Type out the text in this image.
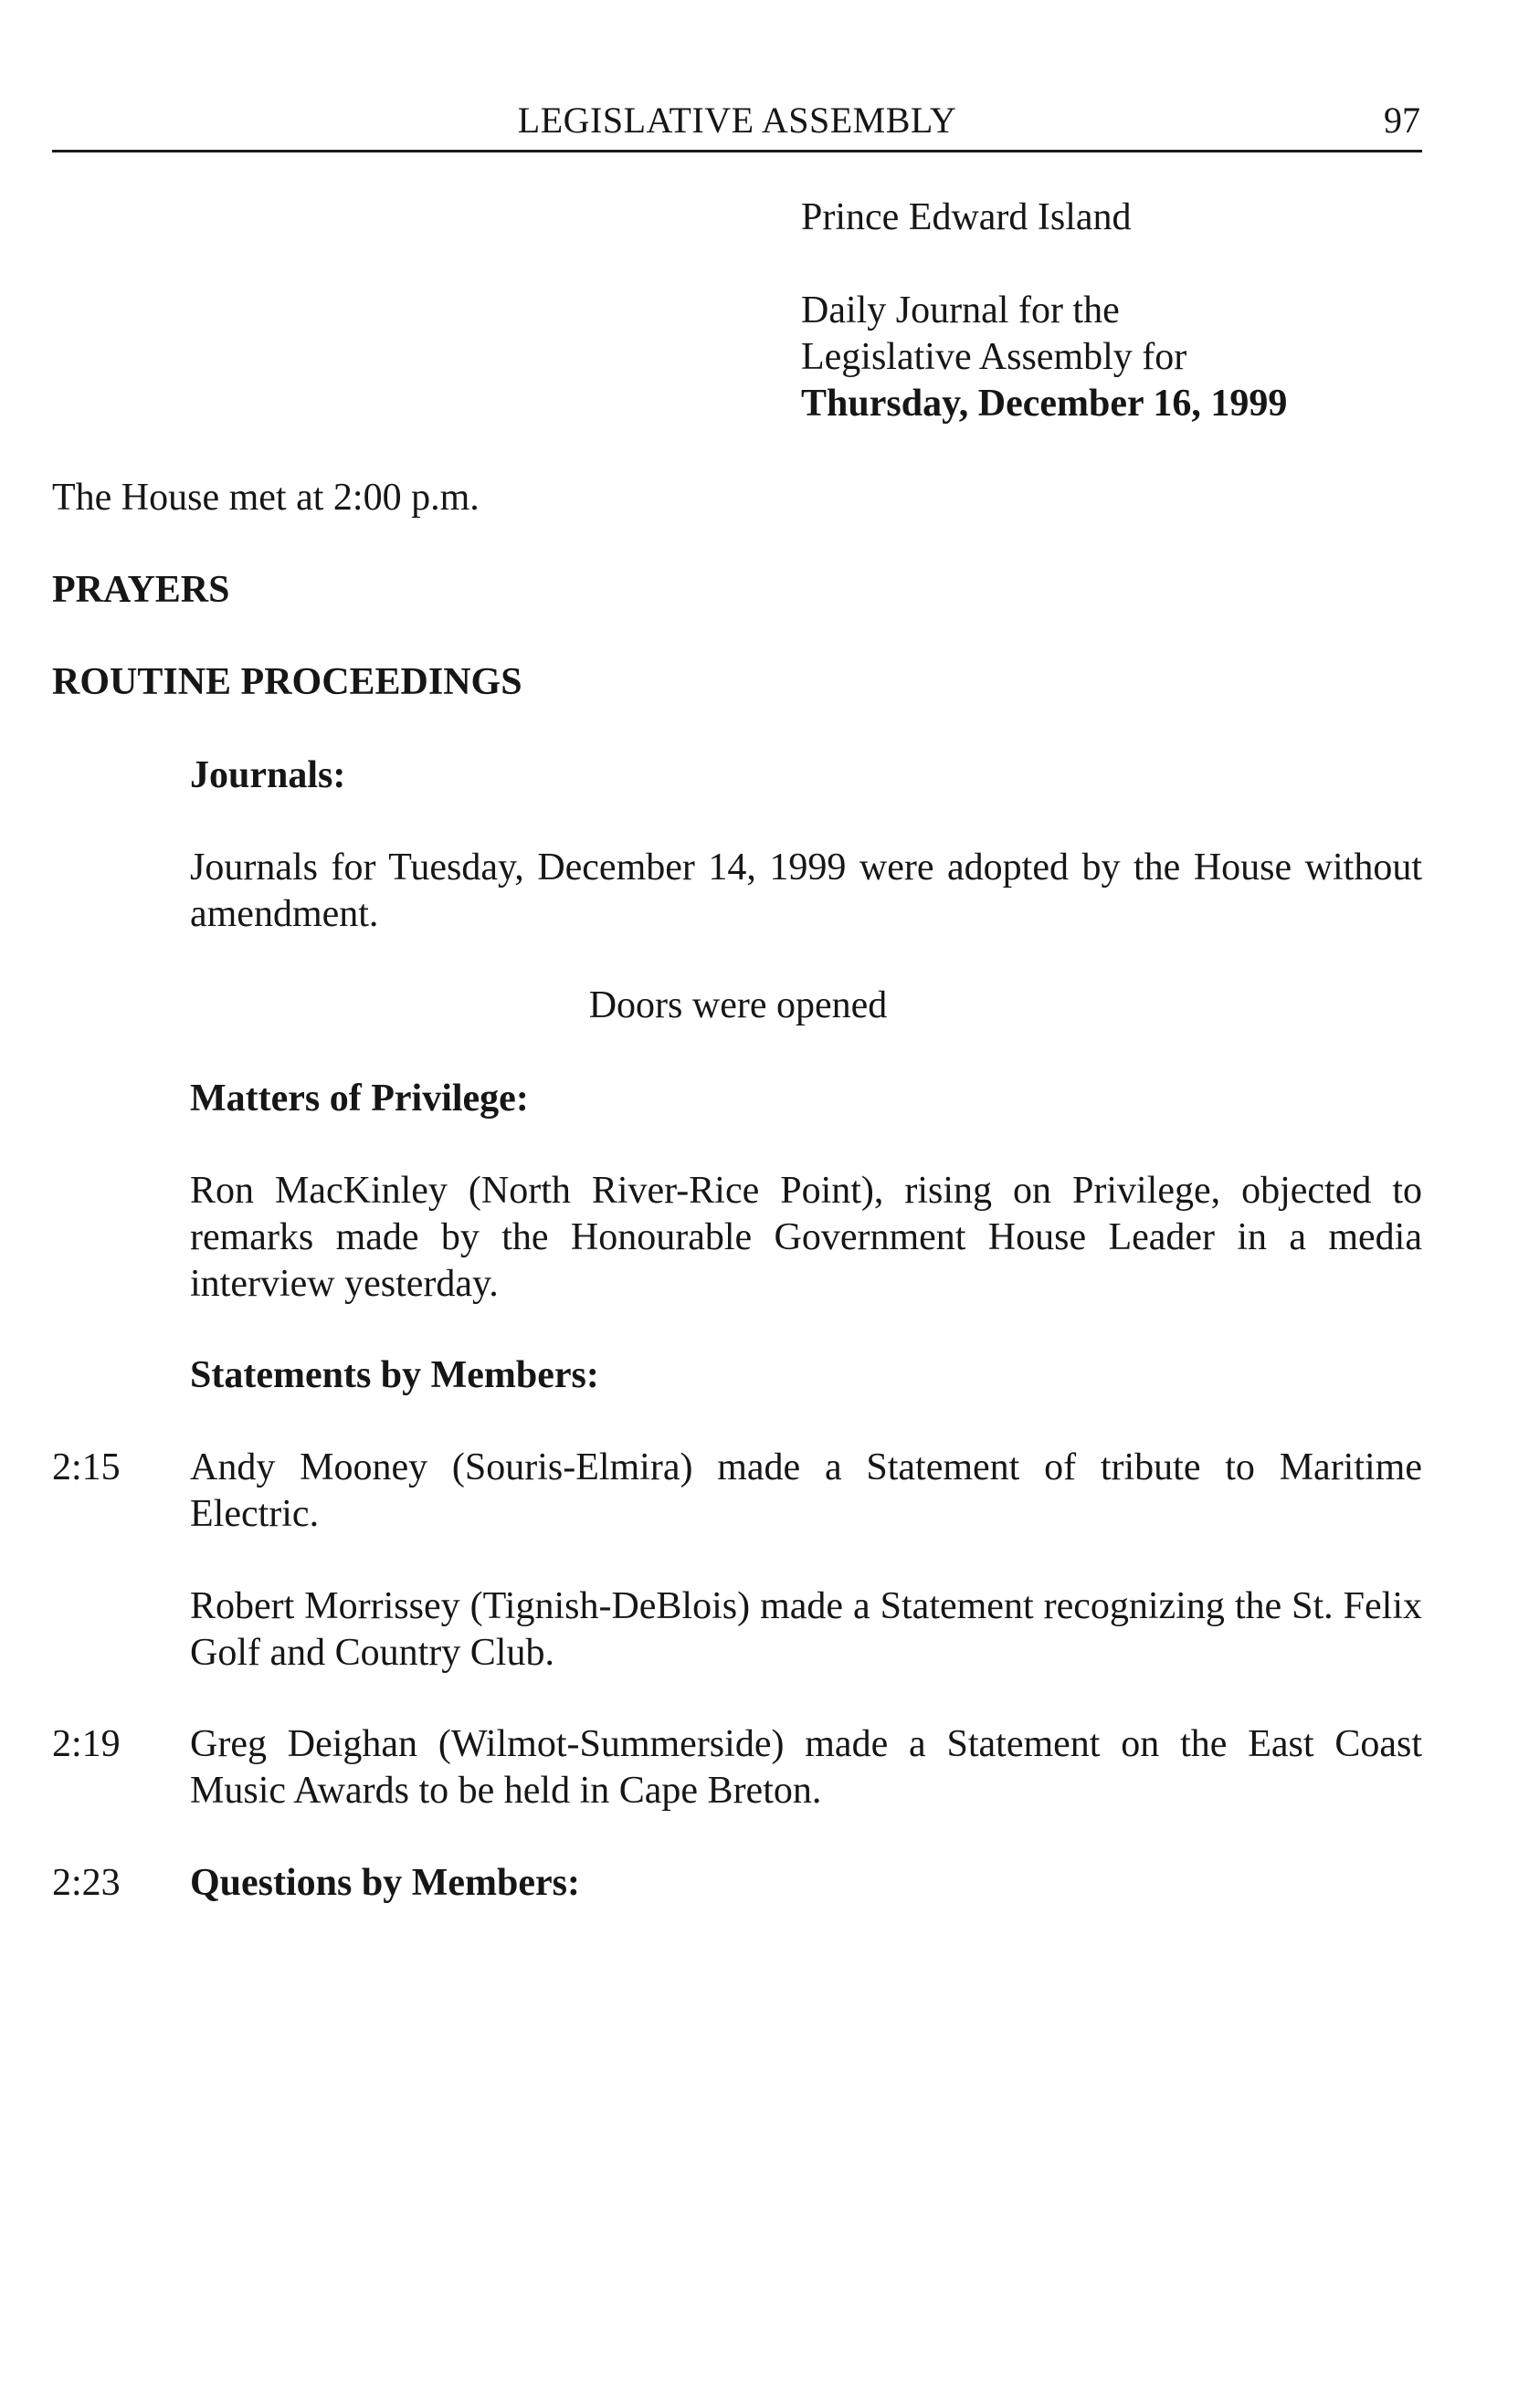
LEGISLATIVE ASSEMBLY	97
Prince Edward Island
Daily Journal for the
Legislative Assembly for
Thursday, December 16, 1999
The House met at 2:00 p.m.
PRAYERS
ROUTINE PROCEEDINGS
Journals:
Journals for Tuesday, December 14, 1999 were adopted by the House without amendment.
Doors were opened
Matters of Privilege:
Ron MacKinley (North River-Rice Point), rising on Privilege, objected to remarks made by the Honourable Government House Leader in a media interview yesterday.
Statements by Members:
2:15 Andy Mooney (Souris-Elmira) made a Statement of tribute to Maritime Electric.
Robert Morrissey (Tignish-DeBlois) made a Statement recognizing the St. Felix Golf and Country Club.
2:19 Greg Deighan (Wilmot-Summerside) made a Statement on the East Coast Music Awards to be held in Cape Breton.
2:23 Questions by Members:
